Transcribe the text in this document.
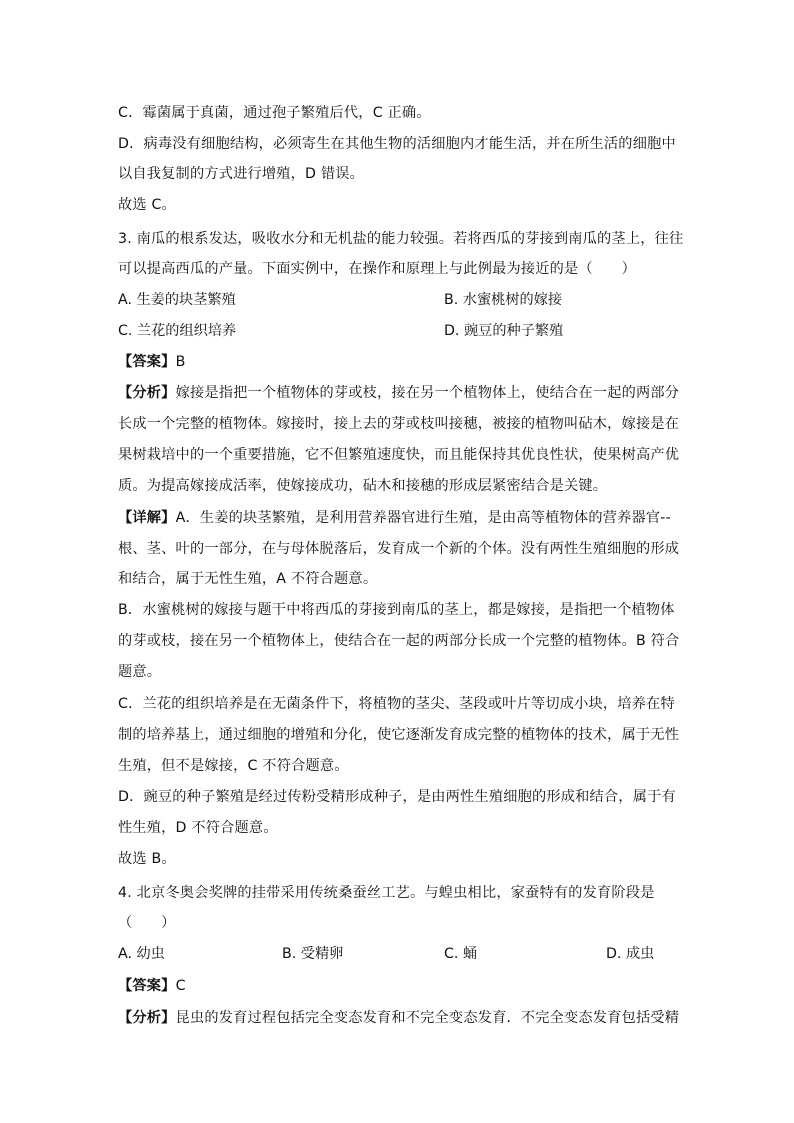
C．霉菌属于真菌，通过孢子繁殖后代，C 正确。
D．病毒没有细胞结构，必须寄生在其他生物的活细胞内才能生活，并在所生活的细胞中
以自我复制的方式进行增殖，D 错误。
故选 C。
3. 南瓜的根系发达，吸收水分和无机盐的能力较强。若将西瓜的芽接到南瓜的茎上，往往
可以提高西瓜的产量。下面实例中，在操作和原理上与此例最为接近的是（　　）
A. 生姜的块茎繁殖	B. 水蜜桃树的嫁接
C. 兰花的组织培养	D. 豌豆的种子繁殖
【答案】B
【分析】嫁接是指把一个植物体的芽或枝，接在另一个植物体上，使结合在一起的两部分
长成一个完整的植物体。嫁接时，接上去的芽或枝叫接穗，被接的植物叫砧木，嫁接是在
果树栽培中的一个重要措施，它不但繁殖速度快，而且能保持其优良性状，使果树高产优
质。为提高嫁接成活率，使嫁接成功，砧木和接穗的形成层紧密结合是关键。
【详解】A．生姜的块茎繁殖，是利用营养器官进行生殖，是由高等植物体的营养器官--
根、茎、叶的一部分，在与母体脱落后，发育成一个新的个体。没有两性生殖细胞的形成
和结合，属于无性生殖，A 不符合题意。
B．水蜜桃树的嫁接与题干中将西瓜的芽接到南瓜的茎上，都是嫁接，是指把一个植物体
的芽或枝，接在另一个植物体上，使结合在一起的两部分长成一个完整的植物体。B 符合
题意。
C．兰花的组织培养是在无菌条件下，将植物的茎尖、茎段或叶片等切成小块，培养在特
制的培养基上，通过细胞的增殖和分化，使它逐渐发育成完整的植物体的技术，属于无性
生殖，但不是嫁接，C 不符合题意。
D．豌豆的种子繁殖是经过传粉受精形成种子，是由两性生殖细胞的形成和结合，属于有
性生殖，D 不符合题意。
故选 B。
4. 北京冬奥会奖牌的挂带采用传统桑蚕丝工艺。与蝗虫相比，家蚕特有的发育阶段是
（　　）
A. 幼虫	B. 受精卵	C. 蛹	D. 成虫
【答案】C
【分析】昆虫的发育过程包括完全变态发育和不完全变态发育．不完全变态发育包括受精
